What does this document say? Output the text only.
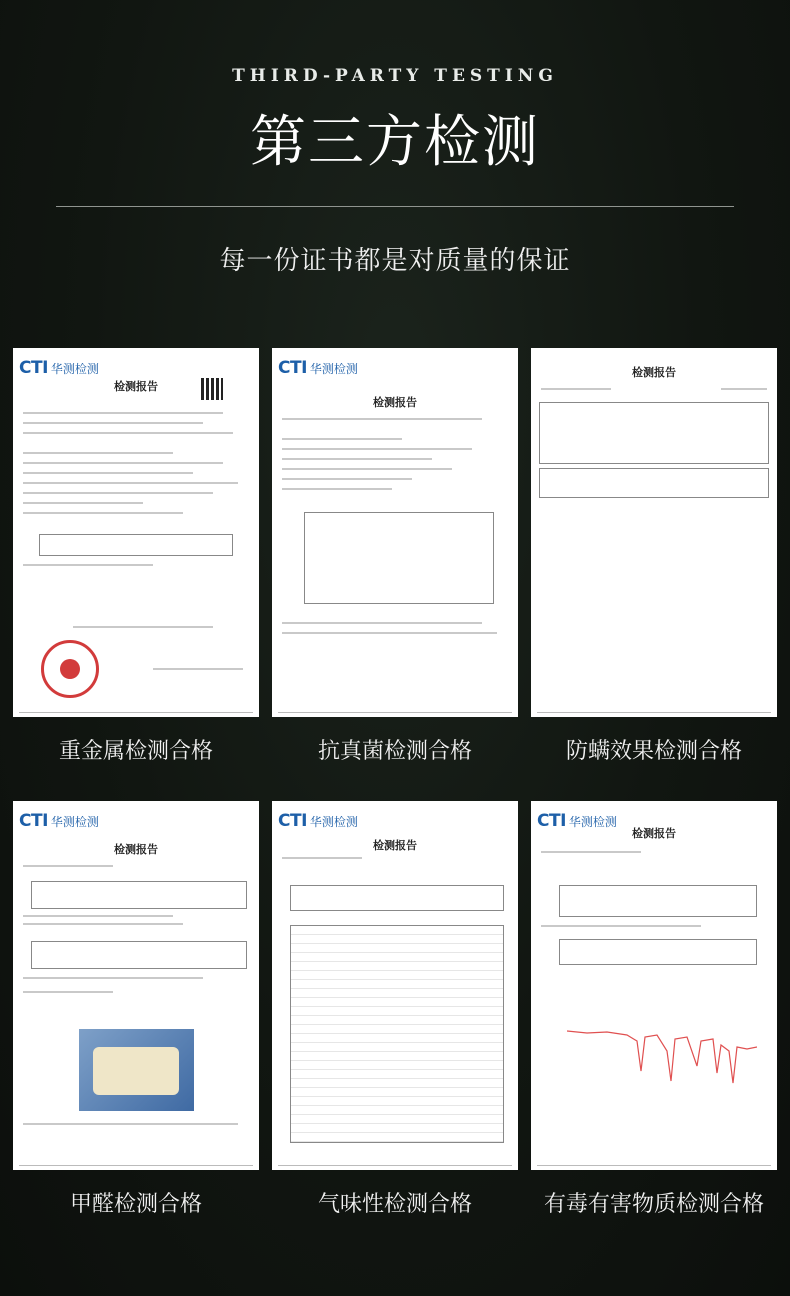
THIRD-PARTY TESTING
第三方检测
每一份证书都是对质量的保证
CTI 华测检测
检测报告
CTI 华测检测
检测报告
检测报告
CTI 华测检测
检测报告
CTI 华测检测
检测报告
CTI 华测检测
检测报告
重金属检测合格	抗真菌检测合格	防螨效果检测合格
甲醛检测合格	气味性检测合格	有毒有害物质检测合格
